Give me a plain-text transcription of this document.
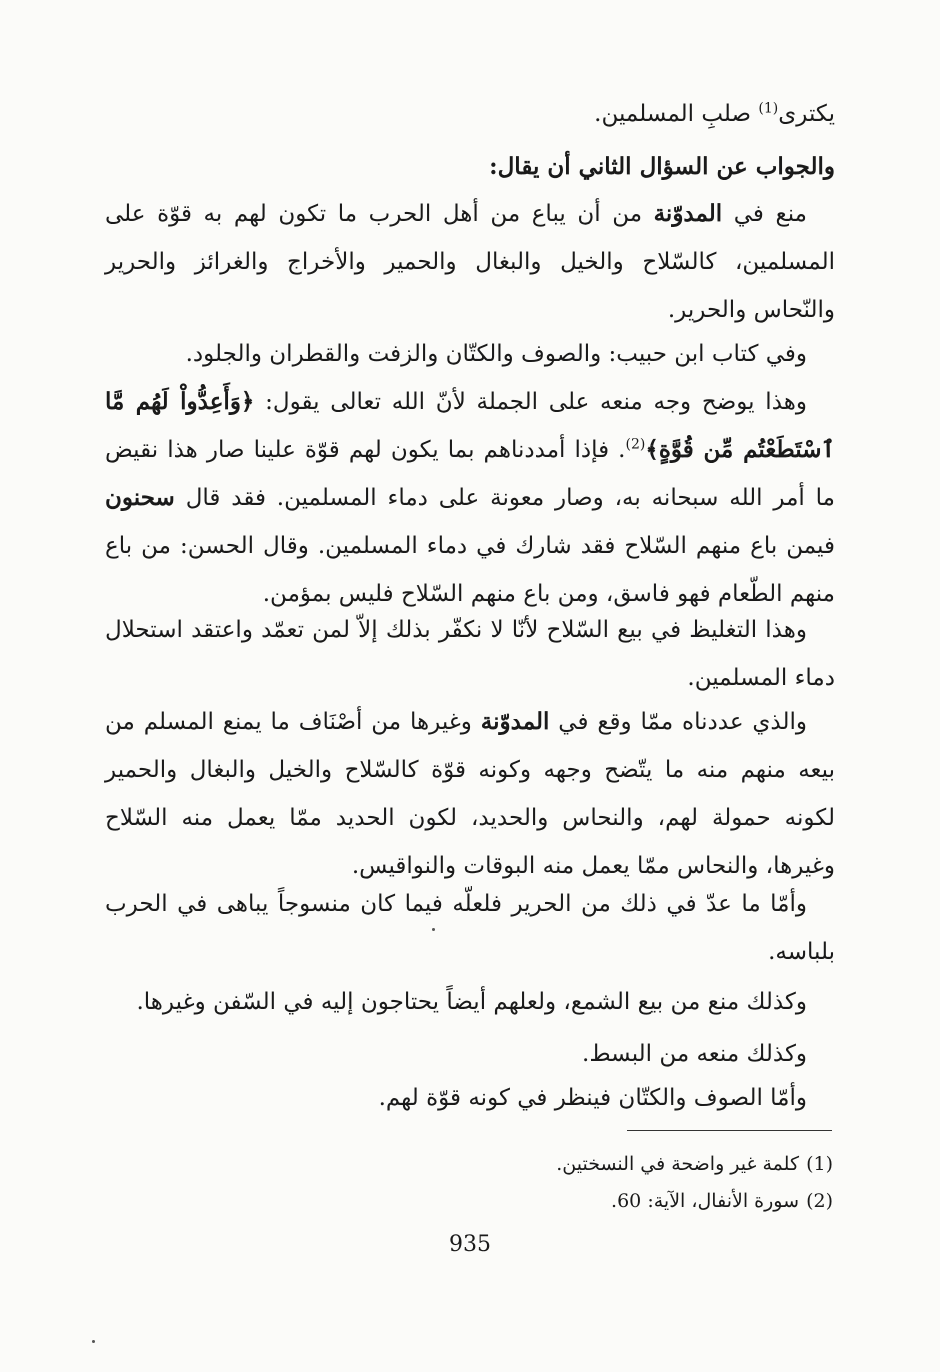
يكترى$^{(1)}$ صلبِ المسلمين.
والجواب عن السؤال الثاني أن يقال:
منع في المدوّنة من أن يباع من أهل الحرب ما تكون لهم به قوّة على المسلمين، كالسّلاح والخيل والبغال والحمير والأخراج والغرائز والحرير والنّحاس والحرير.
وفي كتاب ابن حبيب: والصوف والكتّان والزفت والقطران والجلود.
وهذا يوضح وجه منعه على الجملة لأنّ الله تعالى يقول: ﴿وَأَعِدُّواْ لَهُم مَّا ٱسْتَطَعْتُم مِّن قُوَّةٍ﴾$^{(2)}$. فإذا أمددناهم بما يكون لهم قوّة علينا صار هذا نقيض ما أمر الله سبحانه به، وصار معونة على دماء المسلمين. فقد قال سحنون فيمن باع منهم السّلاح فقد شارك في دماء المسلمين. وقال الحسن: من باع منهم الطّعام فهو فاسق، ومن باع منهم السّلاح فليس بمؤمن.
وهذا التغليظ في بيع السّلاح لأنّا لا نكفّر بذلك إلاّ لمن تعمّد واعتقد استحلال دماء المسلمين.
والذي عددناه ممّا وقع في المدوّنة وغيرها من أصْنَاف ما يمنع المسلم من بيعه منهم منه ما يتّضح وجهه وكونه قوّة كالسّلاح والخيل والبغال والحمير لكونه حمولة لهم، والنحاس والحديد، لكون الحديد ممّا يعمل منه السّلاح وغيرها، والنحاس ممّا يعمل منه البوقات والنواقيس.
وأمّا ما عدّ في ذلك من الحرير فلعلّه فيما كان منسوجاً يباهى في الحرب بلباسه.
وكذلك منع من بيع الشمع، ولعلهم أيضاً يحتاجون إليه في السّفن وغيرها.
وكذلك منعه من البسط.
وأمّا الصوف والكتّان فينظر في كونه قوّة لهم.
(1)كلمة غير واضحة في النسختين.
(2)سورة الأنفال، الآية: 60.
935
